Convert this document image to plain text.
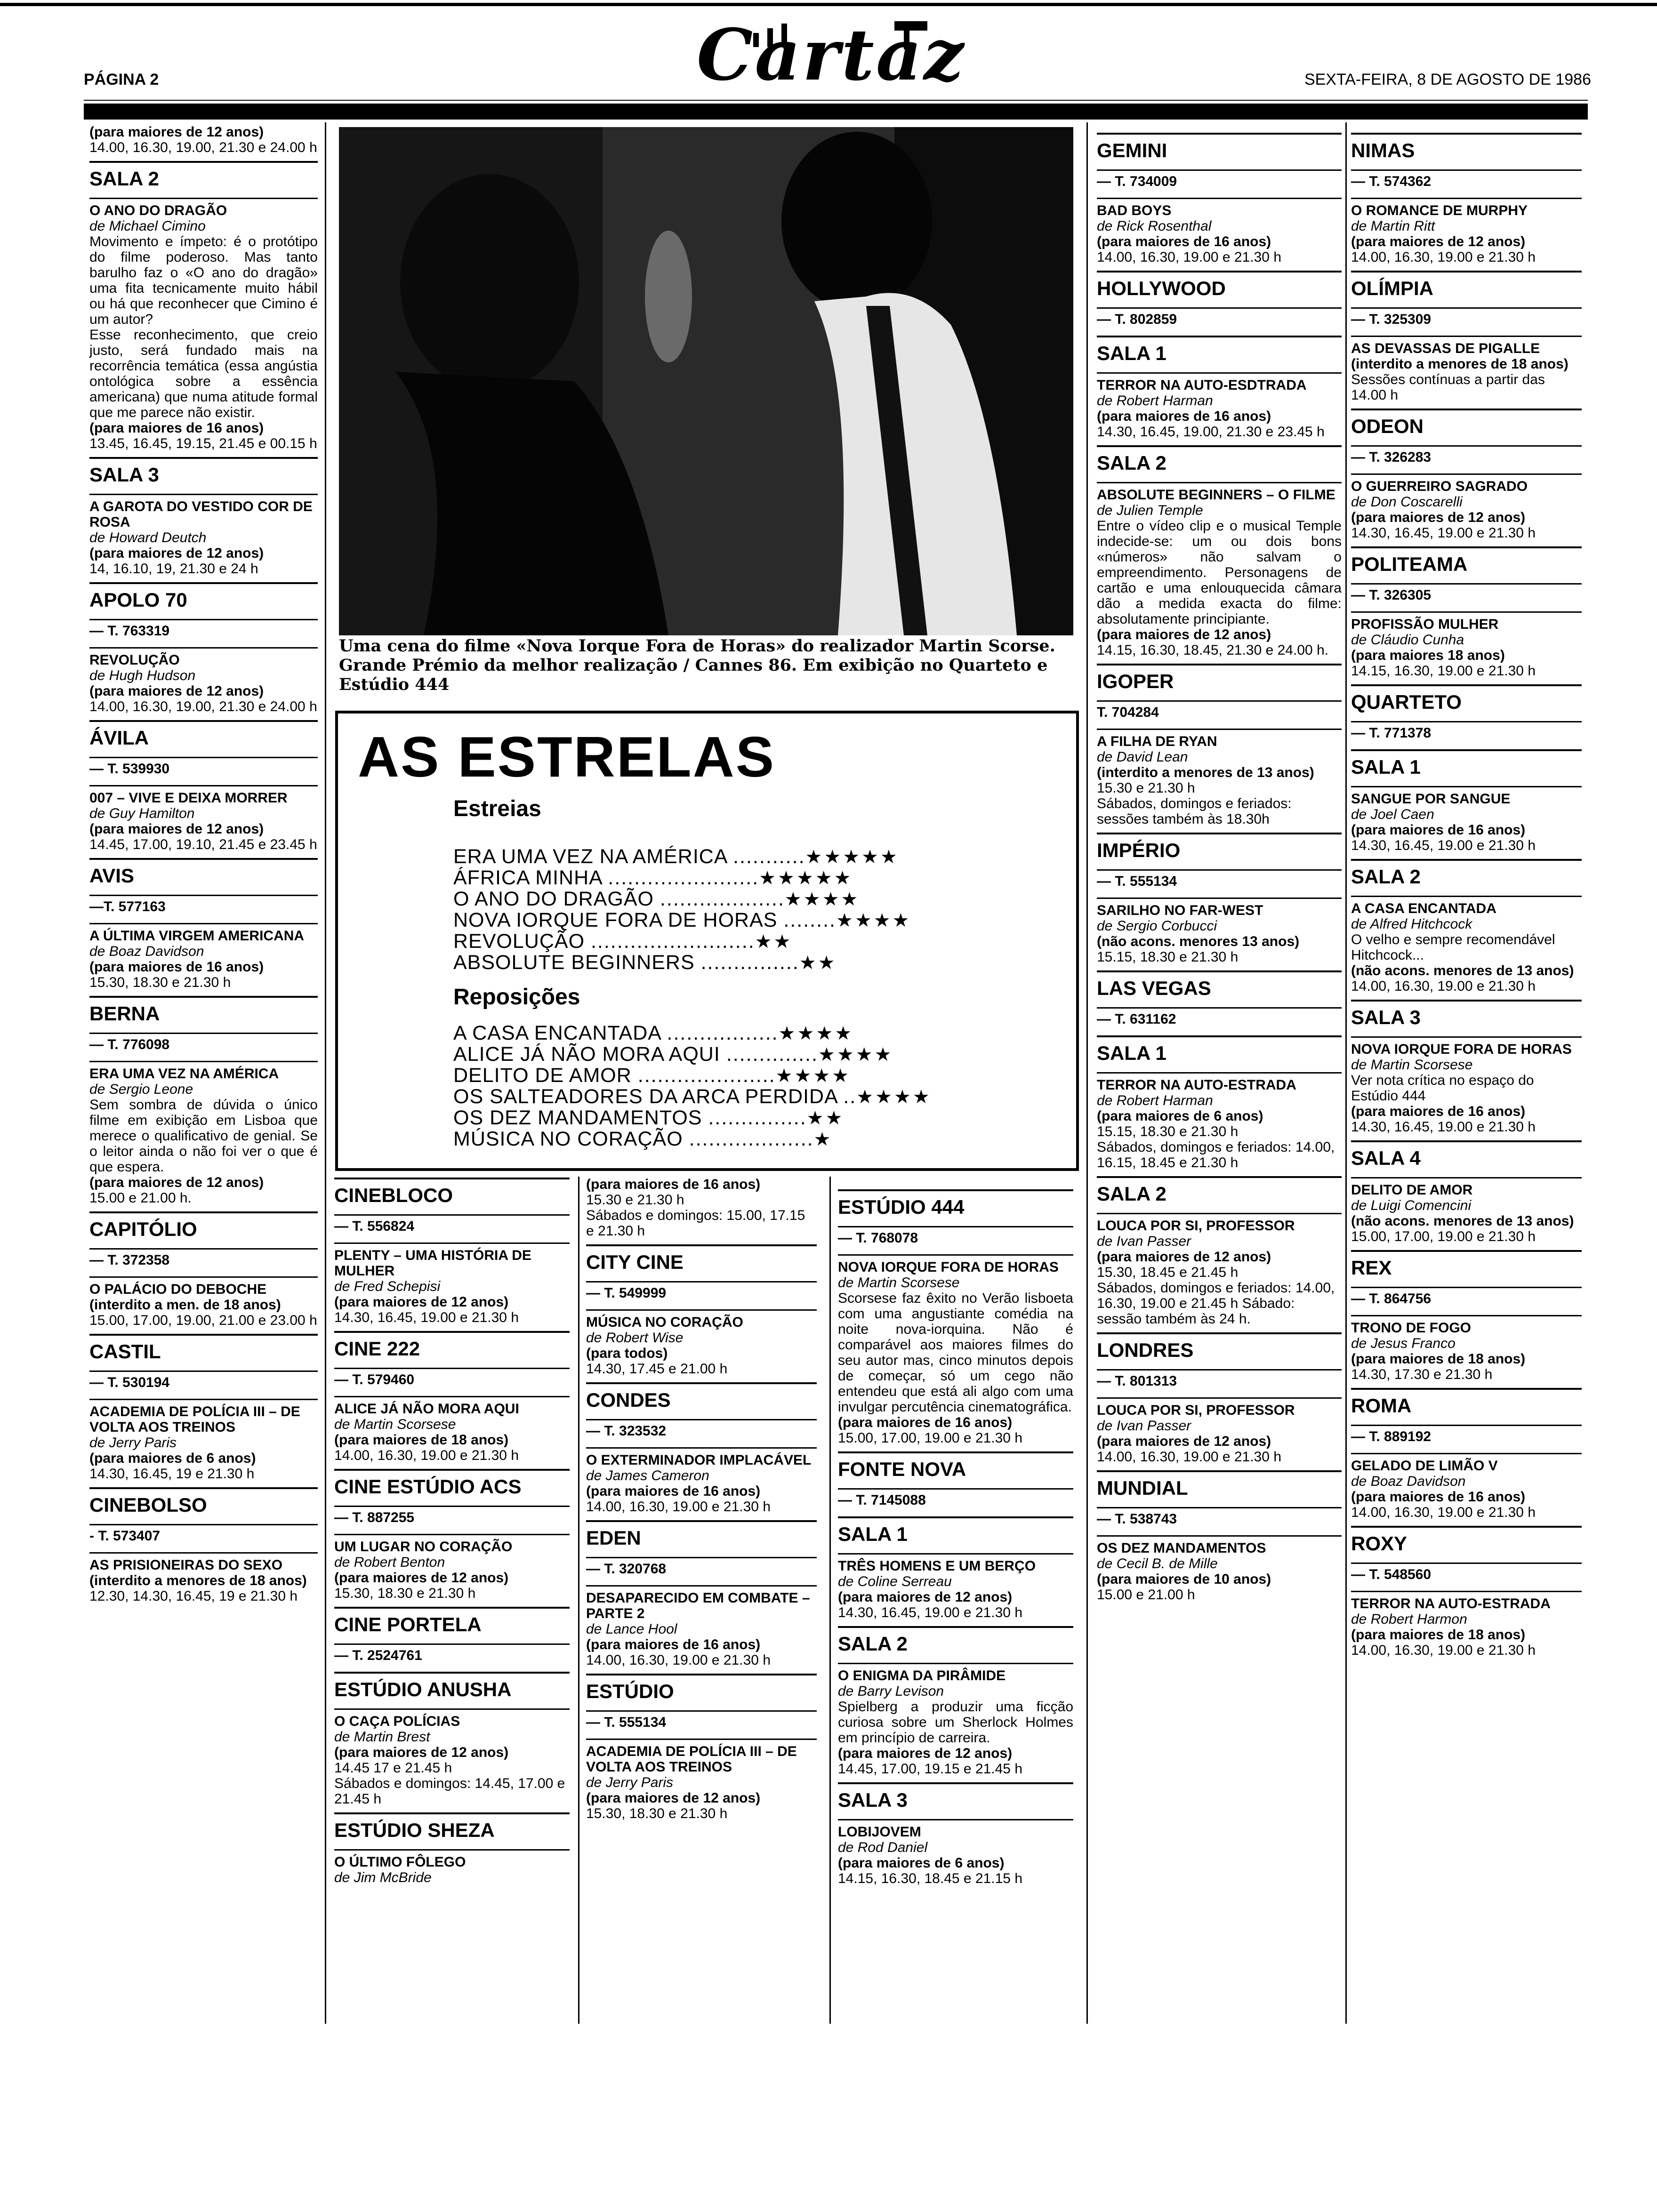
PÁGINA 2	Cartaz	SEXTA-FEIRA, 8 DE AGOSTO DE 1986
(para maiores de 12 anos)
14.00, 16.30, 19.00, 21.30 e 24.00 h
SALA 2
O ANO DO DRAGÃO
de Michael Cimino
Movimento e ímpeto: é o protótipo do filme poderoso. Mas tanto barulho faz o «O ano do dragão» uma fita tecnicamente muito hábil ou há que reconhecer que Cimino é um autor?
Esse reconhecimento, que creio justo, será fundado mais na recorrência temática (essa angústia ontológica sobre a essência americana) que numa atitude formal que me parece não existir.
(para maiores de 16 anos)
13.45, 16.45, 19.15, 21.45 e 00.15 h
SALA 3
A GAROTA DO VESTIDO COR DE ROSA
de Howard Deutch
(para maiores de 12 anos)
14, 16.10, 19, 21.30 e 24 h
APOLO 70
— T. 763319
REVOLUÇÃO
de Hugh Hudson
(para maiores de 12 anos)
14.00, 16.30, 19.00, 21.30 e 24.00 h
ÁVILA
— T. 539930
007 – VIVE E DEIXA MORRER
de Guy Hamilton
(para maiores de 12 anos)
14.45, 17.00, 19.10, 21.45 e 23.45 h
AVIS
—T. 577163
A ÚLTIMA VIRGEM AMERICANA
de Boaz Davidson
(para maiores de 16 anos)
15.30, 18.30 e 21.30 h
BERNA
— T. 776098
ERA UMA VEZ NA AMÉRICA
de Sergio Leone
Sem sombra de dúvida o único filme em exibição em Lisboa que merece o qualificativo de genial. Se o leitor ainda o não foi ver o que é que espera.
(para maiores de 12 anos)
15.00 e 21.00 h.
CAPITÓLIO
— T. 372358
O PALÁCIO DO DEBOCHE
(interdito a men. de 18 anos)
15.00, 17.00, 19.00, 21.00 e 23.00 h
CASTIL
— T. 530194
ACADEMIA DE POLÍCIA III – DE VOLTA AOS TREINOS
de Jerry Paris
(para maiores de 6 anos)
14.30, 16.45, 19 e 21.30 h
CINEBOLSO
- T. 573407
AS PRISIONEIRAS DO SEXO
(interdito a menores de 18 anos)
12.30, 14.30, 16.45, 19 e 21.30 h
Uma cena do filme «Nova Iorque Fora de Horas» do realizador Martin Scorse. Grande Prémio da melhor realização / Cannes 86. Em exibição no Quarteto e Estúdio 444
AS ESTRELAS
Estreias
ERA UMA VEZ NA AMÉRICA ...........★★★★★
ÁFRICA MINHA .......................★★★★★
O ANO DO DRAGÃO ...................★★★★
NOVA IORQUE FORA DE HORAS ........★★★★
REVOLUÇÃO .........................★★
ABSOLUTE BEGINNERS ...............★★
Reposições
A CASA ENCANTADA .................★★★★
ALICE JÁ NÃO MORA AQUI ..............★★★★
DELITO DE AMOR .....................★★★★
OS SALTEADORES DA ARCA PERDIDA ..★★★★
OS DEZ MANDAMENTOS ...............★★
MÚSICA NO CORAÇÃO ...................★
CINEBLOCO
— T. 556824
PLENTY – UMA HISTÓRIA DE MULHER
de Fred Schepisi
(para maiores de 12 anos)
14.30, 16.45, 19.00 e 21.30 h
CINE 222
— T. 579460
ALICE JÁ NÃO MORA AQUI
de Martin Scorsese
(para maiores de 18 anos)
14.00, 16.30, 19.00 e 21.30 h
CINE ESTÚDIO ACS
— T. 887255
UM LUGAR NO CORAÇÃO
de Robert Benton
(para maiores de 12 anos)
15.30, 18.30 e 21.30 h
CINE PORTELA
— T. 2524761
ESTÚDIO ANUSHA
O CAÇA POLÍCIAS
de Martin Brest
(para maiores de 12 anos)
14.45 17 e 21.45 h
Sábados e domingos: 14.45, 17.00 e 21.45 h
ESTÚDIO SHEZA
O ÚLTIMO FÔLEGO
de Jim McBride
(para maiores de 16 anos)
15.30 e 21.30 h
Sábados e domingos: 15.00, 17.15 e 21.30 h
CITY CINE
— T. 549999
MÚSICA NO CORAÇÃO
de Robert Wise
(para todos)
14.30, 17.45 e 21.00 h
CONDES
— T. 323532
O EXTERMINADOR IMPLACÁVEL
de James Cameron
(para maiores de 16 anos)
14.00, 16.30, 19.00 e 21.30 h
EDEN
— T. 320768
DESAPARECIDO EM COMBATE – PARTE 2
de Lance Hool
(para maiores de 16 anos)
14.00, 16.30, 19.00 e 21.30 h
ESTÚDIO
— T. 555134
ACADEMIA DE POLÍCIA III – DE VOLTA AOS TREINOS
de Jerry Paris
(para maiores de 12 anos)
15.30, 18.30 e 21.30 h
ESTÚDIO 444
— T. 768078
NOVA IORQUE FORA DE HORAS
de Martin Scorsese
Scorsese faz êxito no Verão lisboeta com uma angustiante comédia na noite nova-iorquina. Não é comparável aos maiores filmes do seu autor mas, cinco minutos depois de começar, só um cego não entendeu que está ali algo com uma invulgar percutência cinematográfica.
(para maiores de 16 anos)
15.00, 17.00, 19.00 e 21.30 h
FONTE NOVA
— T. 7145088
SALA 1
TRÊS HOMENS E UM BERÇO
de Coline Serreau
(para maiores de 12 anos)
14.30, 16.45, 19.00 e 21.30 h
SALA 2
O ENIGMA DA PIRÂMIDE
de Barry Levison
Spielberg a produzir uma ficção curiosa sobre um Sherlock Holmes em princípio de carreira.
(para maiores de 12 anos)
14.45, 17.00, 19.15 e 21.45 h
SALA 3
LOBIJOVEM
de Rod Daniel
(para maiores de 6 anos)
14.15, 16.30, 18.45 e 21.15 h
GEMINI
— T. 734009
BAD BOYS
de Rick Rosenthal
(para maiores de 16 anos)
14.00, 16.30, 19.00 e 21.30 h
HOLLYWOOD
— T. 802859
SALA 1
TERROR NA AUTO-ESDTRADA
de Robert Harman
(para maiores de 16 anos)
14.30, 16.45, 19.00, 21.30 e 23.45 h
SALA 2
ABSOLUTE BEGINNERS – O FILME
de Julien Temple
Entre o vídeo clip e o musical Temple indecide-se: um ou dois bons «números» não salvam o empreendimento. Personagens de cartão e uma enlouquecida câmara dão a medida exacta do filme: absolutamente principiante.
(para maiores de 12 anos)
14.15, 16.30, 18.45, 21.30 e 24.00 h.
IGOPER
T. 704284
A FILHA DE RYAN
de David Lean
(interdito a menores de 13 anos)
15.30 e 21.30 h
Sábados, domingos e feriados: sessões também às 18.30h
IMPÉRIO
— T. 555134
SARILHO NO FAR-WEST
de Sergio Corbucci
(não acons. menores 13 anos)
15.15, 18.30 e 21.30 h
LAS VEGAS
— T. 631162
SALA 1
TERROR NA AUTO-ESTRADA
de Robert Harman
(para maiores de 6 anos)
15.15, 18.30 e 21.30 h
Sábados, domingos e feriados: 14.00, 16.15, 18.45 e 21.30 h
SALA 2
LOUCA POR SI, PROFESSOR
de Ivan Passer
(para maiores de 12 anos)
15.30, 18.45 e 21.45 h
Sábados, domingos e feriados: 14.00, 16.30, 19.00 e 21.45 h Sábado: sessão também às 24 h.
LONDRES
— T. 801313
LOUCA POR SI, PROFESSOR
de Ivan Passer
(para maiores de 12 anos)
14.00, 16.30, 19.00 e 21.30 h
MUNDIAL
— T. 538743
OS DEZ MANDAMENTOS
de Cecil B. de Mille
(para maiores de 10 anos)
15.00 e 21.00 h
NIMAS
— T. 574362
O ROMANCE DE MURPHY
de Martin Ritt
(para maiores de 12 anos)
14.00, 16.30, 19.00 e 21.30 h
OLÍMPIA
— T. 325309
AS DEVASSAS DE PIGALLE
(interdito a menores de 18 anos)
Sessões contínuas a partir das 14.00 h
ODEON
— T. 326283
O GUERREIRO SAGRADO
de Don Coscarelli
(para maiores de 12 anos)
14.30, 16.45, 19.00 e 21.30 h
POLITEAMA
— T. 326305
PROFISSÃO MULHER
de Cláudio Cunha
(para maiores 18 anos)
14.15, 16.30, 19.00 e 21.30 h
QUARTETO
— T. 771378
SALA 1
SANGUE POR SANGUE
de Joel Caen
(para maiores de 16 anos)
14.30, 16.45, 19.00 e 21.30 h
SALA 2
A CASA ENCANTADA
de Alfred Hitchcock
O velho e sempre recomendável Hitchcock...
(não acons. menores de 13 anos)
14.00, 16.30, 19.00 e 21.30 h
SALA 3
NOVA IORQUE FORA DE HORAS
de Martin Scorsese
Ver nota crítica no espaço do Estúdio 444
(para maiores de 16 anos)
14.30, 16.45, 19.00 e 21.30 h
SALA 4
DELITO DE AMOR
de Luigi Comencini
(não acons. menores de 13 anos)
15.00, 17.00, 19.00 e 21.30 h
REX
— T. 864756
TRONO DE FOGO
de Jesus Franco
(para maiores de 18 anos)
14.30, 17.30 e 21.30 h
ROMA
— T. 889192
GELADO DE LIMÃO V
de Boaz Davidson
(para maiores de 16 anos)
14.00, 16.30, 19.00 e 21.30 h
ROXY
— T. 548560
TERROR NA AUTO-ESTRADA
de Robert Harmon
(para maiores de 18 anos)
14.00, 16.30, 19.00 e 21.30 h
